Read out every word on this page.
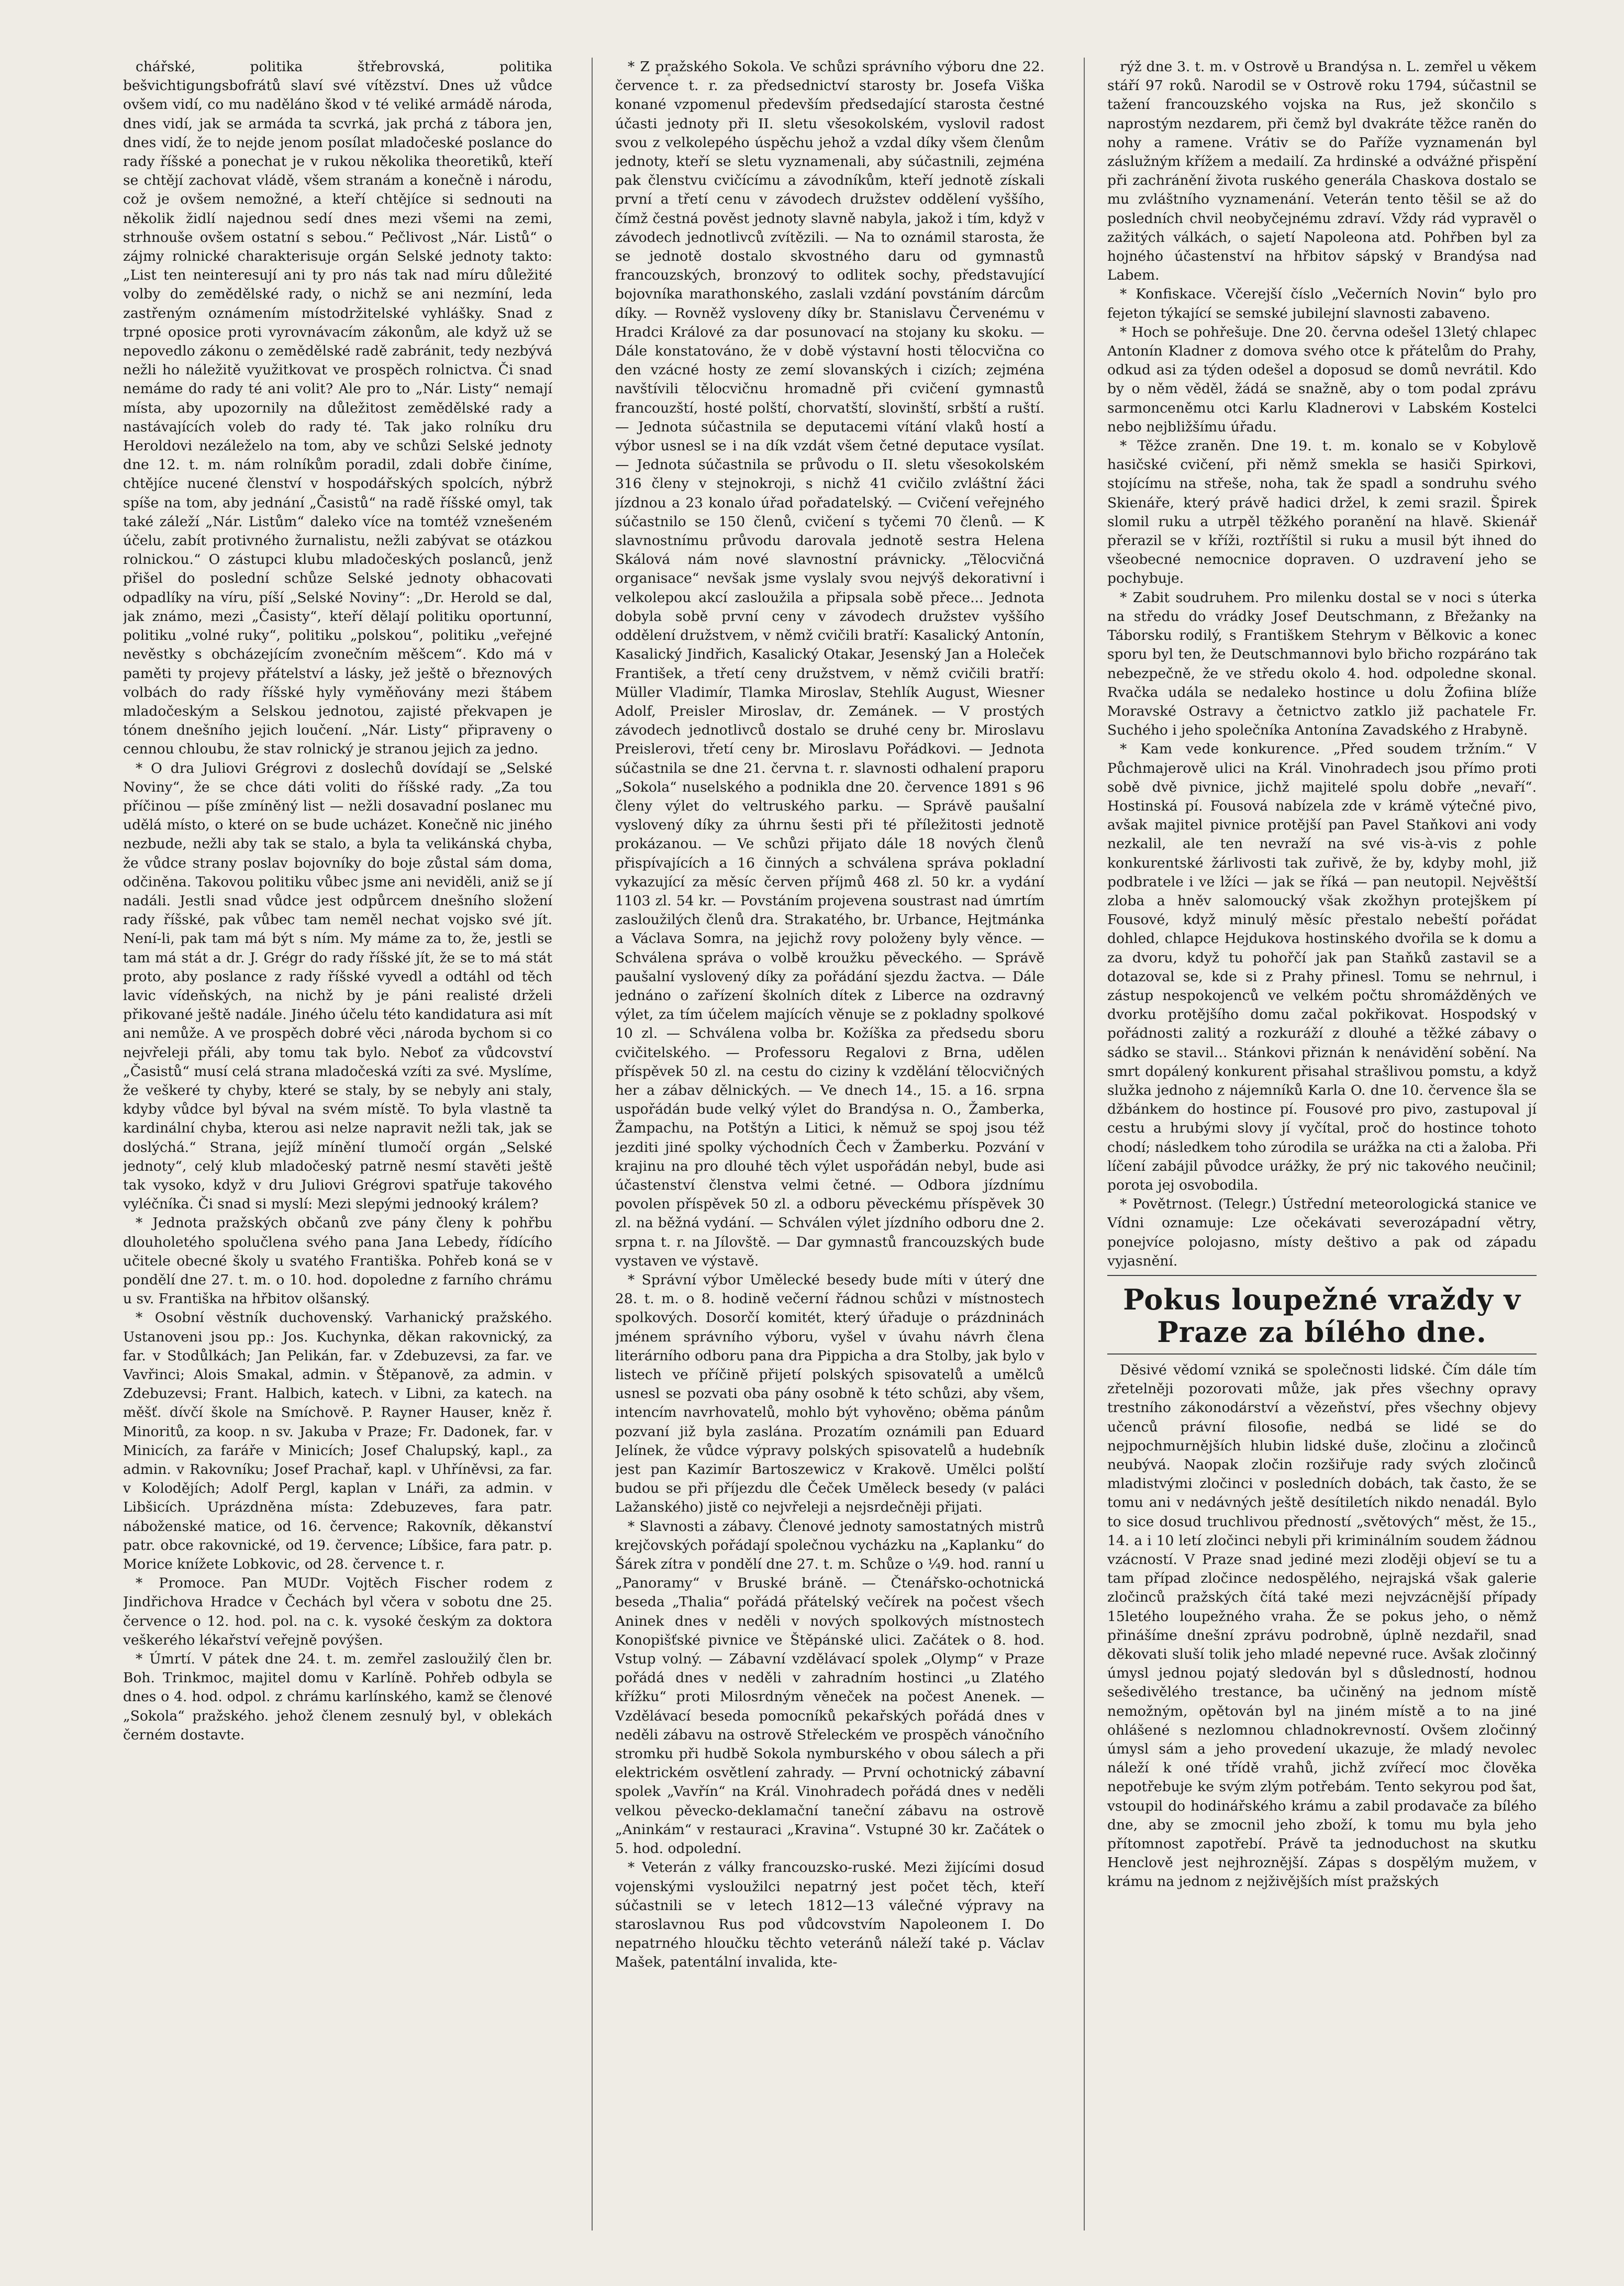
chářské, politika štřebrovská, politika bešvichtigungsbofrátů slaví své vítězství. Dnes už vůdce ovšem vidí, co mu naděláno škod v té veliké armádě národa, dnes vidí, jak se armáda ta scvrká, jak prchá z tábora jen, dnes vidí, že to nejde jenom posílat mladočeské poslance do rady říšské a ponechat je v rukou několika theoretiků, kteří se chtějí zachovat vládě, všem stranám a konečně i národu, což je ovšem nemožné, a kteří chtějíce si sednouti na několik židlí najednou sedí dnes mezi všemi na zemi, strhnouše ovšem ostatní s sebou.“ Pečlivost „Nár. Listů“ o zájmy rolnické charakterisuje orgán Selské jednoty takto: „List ten neinteresují ani ty pro nás tak nad míru důležité volby do zemědělské rady, o nichž se ani nezmíní, leda zastřeným oznámením místodržitelské vyhlášky. Snad z trpné oposice proti vyrovnávacím zákonům, ale když už se nepovedlo zákonu o zemědělské radě zabránit, tedy nezbývá nežli ho náležitě využitkovat ve prospěch rolnictva. Či snad nemáme do rady té ani volit? Ale pro to „Nár. Listy“ nemají místa, aby upozornily na důležitost zemědělské rady a nastávajících voleb do rady té. Tak jako rolníku dru Heroldovi nezáleželo na tom, aby ve schůzi Selské jednoty dne 12. t. m. nám rolníkům poradil, zdali dobře činíme, chtějíce nucené členství v hospodářských spolcích, nýbrž spíše na tom, aby jednání „Časistů“ na radě říšské omyl, tak také záleží „Nár. Listům“ daleko více na tomtéž vznešeném účelu, zabít protivného žurnalistu, nežli zabývat se otázkou rolnickou.“ O zástupci klubu mladočeských poslanců, jenž přišel do poslední schůze Selské jednoty obhacovati odpadlíky na víru, píší „Selské Noviny“: „Dr. Herold se dal, jak známo, mezi „Časisty“, kteří dělají politiku oportunní, politiku „volné ruky“, politiku „polskou“, politiku „veřejné nevěstky s obcházejícím zvonečním měšcem“. Kdo má v paměti ty projevy přátelství a lásky, jež ještě o březnových volbách do rady říšské hyly vyměňovány mezi štábem mladočeským a Selskou jednotou, zajisté překvapen je tónem dnešního jejich loučení. „Nár. Listy“ připraveny o cennou chloubu, že stav rolnický je stranou jejich za jedno.

* O dra Juliovi Grégrovi z doslechů dovídají se „Selské Noviny“, že se chce dáti voliti do říšské rady. „Za tou příčinou — píše zmíněný list — nežli dosavadní poslanec mu udělá místo, o které on se bude ucházet. Konečně nic jiného nezbude, nežli aby tak se stalo, a byla ta velikánská chyba, že vůdce strany poslav bojovníky do boje zůstal sám doma, odčiněna. Takovou politiku vůbec jsme ani neviděli, aniž se jí nadáli. Jestli snad vůdce jest odpůrcem dnešního složení rady říšské, pak vůbec tam neměl nechat vojsko své jít. Není-li, pak tam má být s ním. My máme za to, že, jestli se tam má stát a dr. J. Grégr do rady říšské jít, že se to má stát proto, aby poslance z rady říšské vyvedl a odtáhl od těch lavic vídeňských, na nichž by je páni realisté drželi přikované ještě nadále. Jiného účelu této kandidatura asi mít ani nemůže. A ve prospěch dobré věci ‚národa bychom si co nejvřeleji přáli, aby tomu tak bylo. Neboť za vůdcovství „Časistů“ musí celá strana mladočeská vzíti za své. Myslíme, že veškeré ty chyby, které se staly, by se nebyly ani staly, kdyby vůdce byl býval na svém místě. To byla vlastně ta kardinální chyba, kterou asi nelze napravit nežli tak, jak se doslýchá.“ Strana, jejíž mínění tlumočí orgán „Selské jednoty“, celý klub mladočeský patrně nesmí stavěti ještě tak vysoko, když v dru Juliovi Grégrovi spatřuje takového vyléčníka. Či snad si myslí: Mezi slepými jednooký králem?

* Jednota pražských občanů zve pány členy k pohřbu dlouholetého spolučlena svého pana Jana Lebedy, řídícího učitele obecné školy u svatého Františka. Pohřeb koná se v pondělí dne 27. t. m. o 10. hod. dopoledne z farního chrámu u sv. Františka na hřbitov olšanský.

* Osobní věstník duchovenský. Varhanický pražského. Ustanoveni jsou pp.: Jos. Kuchynka, děkan rakovnický, za far. v Stodůlkách; Jan Pelikán, far. v Zdebuzevsi, za far. ve Vavřinci; Alois Smakal, admin. v Štěpanově, za admin. v Zdebuzevsi; Frant. Halbich, katech. v Libni, za katech. na měšť. dívčí škole na Smíchově. P. Rayner Hauser, kněz ř. Minoritů, za koop. n sv. Jakuba v Praze; Fr. Dadonek, far. v Minicích, za faráře v Minicích; Josef Chalupský, kapl., za admin. v Rakovníku; Josef Prachař, kapl. v Uhříněvsi, za far. v Kolodějích; Adolf Pergl, kaplan v Lnáři, za admin. v Libšicích. Uprázdněna místa: Zdebuzeves, fara patr. náboženské matice, od 16. července; Rakovník, děkanství patr. obce rakovnické, od 19. července; Líbšice, fara patr. p. Morice knížete Lobkovic, od 28. července t. r.

* Promoce. Pan MUDr. Vojtěch Fischer rodem z Jindřichova Hradce v Čechách byl včera v sobotu dne 25. července o 12. hod. pol. na c. k. vysoké českým za doktora veškerého lékařství veřejně povýšen.

* Úmrtí. V pátek dne 24. t. m. zemřel zasloužilý člen br. Boh. Trinkmoc, majitel domu v Karlíně. Pohřeb odbyla se dnes o 4. hod. odpol. z chrámu karlínského, kamž se členové „Sokola“ pražského. jehož členem zesnulý byl, v oblekách černém dostavte.

* Z pražského Sokola. Ve schůzi správního výboru dne 22. července t. r. za předsednictví starosty br. Josefa Viška konané vzpomenul především předsedající starosta čestné účasti jednoty při II. sletu všesokolském, vyslovil radost svou z velkolepého úspěchu jehož a vzdal díky všem členům jednoty, kteří se sletu vyznamenali, aby súčastnili, zejména pak členstvu cvičícímu a závodníkům, kteří jednotě získali první a třetí cenu v závodech družstev oddělení vyššího, čímž čestná pověst jednoty slavně nabyla, jakož i tím, když v závodech jednotlivců zvítězili. — Na to oznámil starosta, že se jednotě dostalo skvostného daru od gymnastů francouzských, bronzový to odlitek sochy, představující bojovníka marathonského, zaslali vzdání povstáním dárcům díky. — Rovněž vysloveny díky br. Stanislavu Červenému v Hradci Králové za dar posunovací na stojany ku skoku. — Dále konstatováno, že v době výstavní hosti tělocvična co den vzácné hosty ze zemí slovanských i cizích; zejména navštívili tělocvičnu hromadně při cvičení gymnastů francouzští, hosté polští, chorvatští, slovinští, srbští a ruští. — Jednota súčastnila se deputacemi vítání vlaků hostí a výbor usnesl se i na dík vzdát všem četné deputace vysílat. — Jednota súčastnila se průvodu o II. sletu všesokolském 316 členy v stejnokroji, s nichž 41 cvičilo zvláštní žáci jízdnou a 23 konalo úřad pořadatelský. — Cvičení veřejného súčastnilo se 150 členů, cvičení s tyčemi 70 členů. — K slavnostnímu průvodu darovala jednotě sestra Helena Skálová nám nové slavnostní právnicky. „Tělocvičná organisace“ nevšak jsme vyslaly svou nejvýš dekorativní i velkolepou akcí zasloužila a připsala sobě přece... Jednota dobyla sobě první ceny v závodech družstev vyššího oddělení družstvem, v němž cvičili bratří: Kasalický Antonín, Kasalický Jindřich, Kasalický Otakar, Jesenský Jan a Holeček František, a třetí ceny družstvem, v němž cvičili bratří: Müller Vladimír, Tlamka Miroslav, Stehlík August, Wiesner Adolf, Preisler Miroslav, dr. Zemánek. — V prostých závodech jednotlivců dostalo se druhé ceny br. Miroslavu Preislerovi, třetí ceny br. Miroslavu Pořádkovi. — Jednota súčastnila se dne 21. června t. r. slavnosti odhalení praporu „Sokola“ nuselského a podnikla dne 20. července 1891 s 96 členy výlet do veltruského parku. — Správě paušalní vyslovený díky za úhrnu šesti při té příležitosti jednotě prokázanou. — Ve schůzi přijato dále 18 nových členů přispívajících a 16 činných a schválena správa pokladní vykazující za měsíc červen příjmů 468 zl. 50 kr. a vydání 1103 zl. 54 kr. — Povstáním projevena soustrast nad úmrtím zasloužilých členů dra. Strakatého, br. Urbance, Hejtmánka a Václava Somra, na jejichž rovy položeny byly věnce. — Schválena správa o volbě kroužku pěveckého. — Správě paušalní vyslovený díky za pořádání sjezdu žactva. — Dále jednáno o zařízení školních dítek z Liberce na ozdravný výlet, za tím účelem majících věnuje se z pokladny spolkové 10 zl. — Schválena volba br. Kožíška za předsedu sboru cvičitelského. — Professoru Regalovi z Brna, udělen příspěvek 50 zl. na cestu do ciziny k vzdělání tělocvičných her a zábav dělnických. — Ve dnech 14., 15. a 16. srpna uspořádán bude velký výlet do Brandýsa n. O., Žamberka, Žampachu, na Potštýn a Litici, k němuž se spoj jsou též jezditi jiné spolky východních Čech v Žamberku. Pozvání v krajinu na pro dlouhé těch výlet uspořádán nebyl, bude asi účastenství členstva velmi četné. — Odbora jízdnímu povolen příspěvek 50 zl. a odboru pěveckému příspěvek 30 zl. na běžná vydání. — Schválen výlet jízdního odboru dne 2. srpna t. r. na Jílovště. — Dar gymnastů francouzských bude vystaven ve výstavě.

* Správní výbor Umělecké besedy bude míti v úterý dne 28. t. m. o 8. hodině večerní řádnou schůzi v místnostech spolkových. Dosorčí komitét, který úřaduje o prázdninách jménem správního výboru, vyšel v úvahu návrh člena literárního odboru pana dra Pippicha a dra Stolby, jak bylo v listech ve příčině přijetí polských spisovatelů a umělců usnesl se pozvati oba pány osobně k této schůzi, aby všem, intencím navrhovatelů, mohlo být vyhověno; oběma pánům pozvaní již byla zaslána. Prozatím oznámili pan Eduard Jelínek, že vůdce výpravy polských spisovatelů a hudebník jest pan Kazimír Bartoszewicz v Krakově. Umělci polští budou se při příjezdu dle Čeček Uměleck besedy (v paláci Lažanského) jistě co nejvřeleji a nejsrdečněji přijati.

* Slavnosti a zábavy. Členové jednoty samostatných mistrů krejčovských pořádají společnou vycházku na „Kaplanku“ do Šárek zítra v pondělí dne 27. t. m. Schůze o ¼9. hod. ranní u „Panoramy“ v Bruské bráně. — Čtenářsko-ochotnická beseda „Thalia“ pořádá přátelský večírek na počest všech Aninek dnes v neděli v nových spolkových místnostech Konopišťské pivnice ve Štěpánské ulici. Začátek o 8. hod. Vstup volný. — Zábavní vzdělávací spolek „Olymp“ v Praze pořádá dnes v neděli v zahradním hostinci „u Zlatého křížku“ proti Milosrdným věneček na počest Anenek. — Vzdělávací beseda pomocníků pekařských pořádá dnes v neděli zábavu na ostrově Střeleckém ve prospěch vánočního stromku při hudbě Sokola nymburského v obou sálech a při elektrickém osvětlení zahrady. — První ochotnický zábavní spolek „Vavřín“ na Král. Vinohradech pořádá dnes v neděli velkou pěvecko-deklamační taneční zábavu na ostrově „Aninkám“ v restauraci „Kravina“. Vstupné 30 kr. Začátek o 5. hod. odpolední.

* Veterán z války francouzsko-ruské. Mezi žijícími dosud vojenskými vysloužilci nepatrný jest počet těch, kteří súčastnili se v letech 1812—13 válečné výpravy na staroslavnou Rus pod vůdcovstvím Napoleonem I. Do nepatrného hloučku těchto veteránů náleží také p. Václav Mašek, patentální invalida, kte-

rýž dne 3. t. m. v Ostrově u Brandýsa n. L. zemřel u věkem stáří 97 roků. Narodil se v Ostrově roku 1794, súčastnil se tažení francouzského vojska na Rus, jež skončilo s naprostým nezdarem, při čemž byl dvakráte těžce raněn do nohy a ramene. Vrátiv se do Paříže vyznamenán byl záslužným křížem a medailí. Za hrdinské a odvážné přispění při zachránění života ruského generála Chaskova dostalo se mu zvláštního vyznamenání. Veterán tento těšil se až do posledních chvil neobyčejnému zdraví. Vždy rád vypravěl o zažitých válkách, o sajetí Napoleona atd. Pohřben byl za hojného účastenství na hřbitov sápský v Brandýsa nad Labem.

* Konfiskace. Včerejší číslo „Večerních Novin“ bylo pro fejeton týkající se semské jubilejní slavnosti zabaveno.

* Hoch se pohřešuje. Dne 20. června odešel 13letý chlapec Antonín Kladner z domova svého otce k přátelům do Prahy, odkud asi za týden odešel a doposud se domů nevrátil. Kdo by o něm věděl, žádá se snažně, aby o tom podal zprávu sarmonceněmu otci Karlu Kladnerovi v Labském Kostelci nebo nejbližšímu úřadu.

* Těžce zraněn. Dne 19. t. m. konalo se v Kobylově hasičské cvičení, při němž smekla se hasiči Spirkovi, stojícímu na střeše, noha, tak že spadl a sondruhu svého Skienáře, který právě hadici držel, k zemi srazil. Špirek slomil ruku a utrpěl těžkého poranění na hlavě. Skienář přerazil se v kříži, roztříštil si ruku a musil být ihned do všeobecné nemocnice dopraven. O uzdravení jeho se pochybuje.

* Zabit soudruhem. Pro milenku dostal se v noci s úterka na středu do vrádky Josef Deutschmann, z Břežanky na Táborsku rodilý, s Františkem Stehrym v Bělkovic a konec sporu byl ten, že Deutschmannovi bylo břicho rozpáráno tak nebezpečně, že ve středu okolo 4. hod. odpoledne skonal. Rvačka udála se nedaleko hostince u dolu Žofiina blíže Moravské Ostravy a četnictvo zatklo již pachatele Fr. Suchého i jeho společníka Antonína Zavadského z Hrabyně.

* Kam vede konkurence. „Před soudem tržním.“ V Půchmajerově ulici na Král. Vinohradech jsou přímo proti sobě dvě pivnice, jichž majitelé spolu dobře „nevaří“. Hostinská pí. Fousová nabízela zde v krámě výtečné pivo, avšak majitel pivnice protější pan Pavel Staňkovi ani vody nezkalil, ale ten nevraží na své vis-à-vis z pohle konkurentské žárlivosti tak zuřivě, že by, kdyby mohl, již podbratele i ve lžíci — jak se říká — pan neutopil. Nejvěštší zloba a hněv salomoucký však zkožhyn protejškem pí Fousové, když minulý měsíc přestalo nebeští pořádat dohled, chlapce Hejdukova hostinského dvořila se k domu a za dvoru, když tu pohořčí jak pan Staňků zastavil se a dotazoval se, kde si z Prahy přinesl. Tomu se nehrnul, i zástup nespokojenců ve velkém počtu shromážděných ve dvorku protějšího domu začal pokřikovat. Hospodský v pořádnosti zalitý a rozkuráží z dlouhé a těžké zábavy o sádko se stavil... Stánkovi přiznán k nenávidění sobění. Na smrt dopálený konkurent přisahal strašlivou pomstu, a když služka jednoho z nájemníků Karla O. dne 10. července šla se džbánkem do hostince pí. Fousové pro pivo, zastupoval jí cestu a hrubými slovy jí vyčítal, proč do hostince tohoto chodí; následkem toho zúrodila se urážka na cti a žaloba. Při líčení zabájil původce urážky, že prý nic takového neučinil; porota jej osvobodila.

* Povětrnost. (Telegr.) Ústřední meteorologická stanice ve Vídni oznamuje: Lze očekávati severozápadní větry, ponejvíce polojasno, místy deštivo a pak od západu vyjasnění.

Pokus loupežné vraždy v Praze za bílého dne.

Děsivé vědomí vzniká se společnosti lidské. Čím dále tím zřetelněji pozorovati může, jak přes všechny opravy trestního zákonodárství a vězeňství, přes všechny objevy učenců právní filosofie, nedbá se lidé se do nejpochmurnějších hlubin lidské duše, zločinu a zločinců neubývá. Naopak zločin rozšiřuje rady svých zločinců mladistvými zločinci v posledních dobách, tak často, že se tomu ani v nedávných ještě desítiletích nikdo nenadál. Bylo to sice dosud truchlivou předností „světových“ měst, že 15., 14. a i 10 letí zločinci nebyli při kriminálním soudem žádnou vzácností. V Praze snad jediné mezi zloději objeví se tu a tam případ zločince nedospělého, nejrajská však galerie zločinců pražských čítá také mezi nejvzácnější případy 15letého loupežného vraha. Že se pokus jeho, o němž přinášíme dnešní zprávu podrobně, úplně nezdařil, snad děkovati sluší tolik jeho mladé nepevné ruce. Avšak zločinný úmysl jednou pojatý sledován byl s důsledností, hodnou sešedivělého trestance, ba učiněný na jednom místě nemožným, opětován byl na jiném místě a to na jiné ohlášené s nezlomnou chladnokrevností. Ovšem zločinný úmysl sám a jeho provedení ukazuje, že mladý nevolec náleží k oné třídě vrahů, jichž zvířecí moc člověka nepotřebuje ke svým zlým potřebám. Tento sekyrou pod šat, vstoupil do hodinářského krámu a zabil prodavače za bílého dne, aby se zmocnil jeho zboží, k tomu mu byla jeho přítomnost zapotřebí. Právě ta jednoduchost na skutku Henclově jest nejhroznější. Zápas s dospělým mužem, v krámu na jednom z nejživějších míst pražských
